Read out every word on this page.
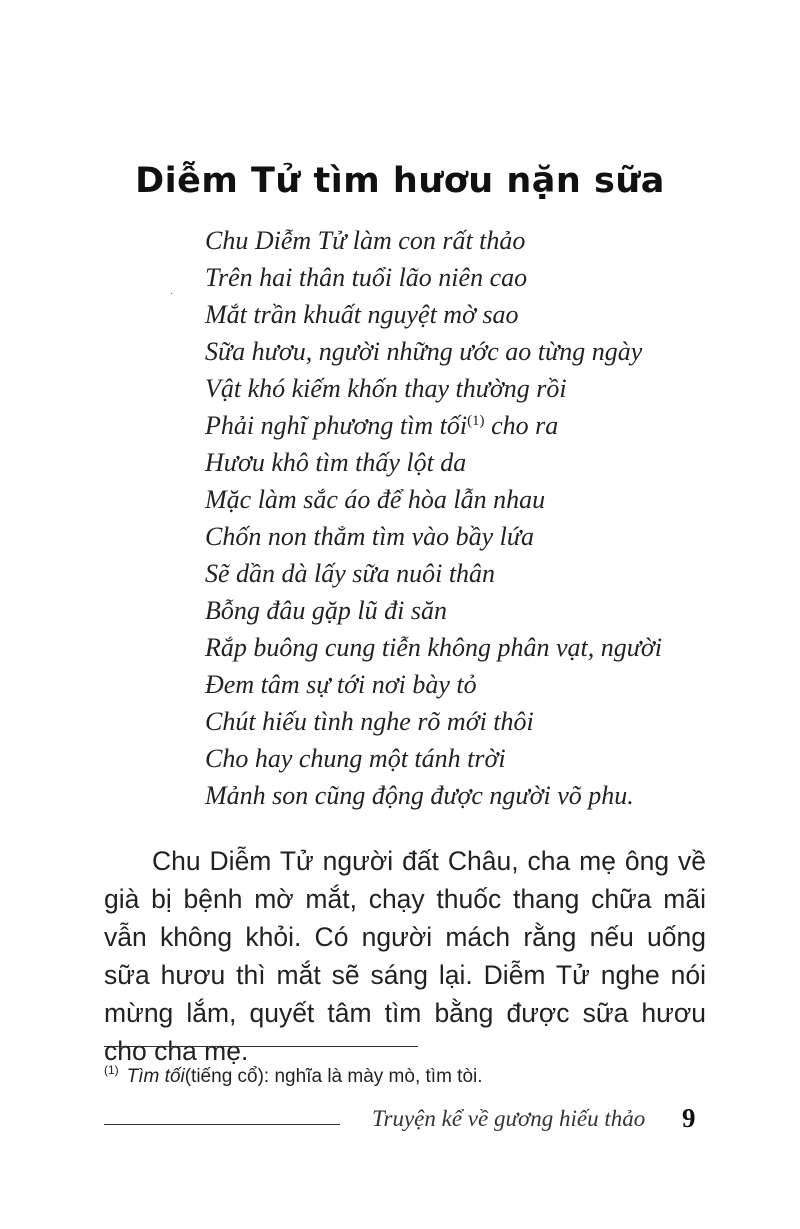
Diễm Tử tìm hươu nặn sữa
·
Chu Diễm Tử làm con rất thảo
Trên hai thân tuổi lão niên cao
Mắt trần khuất nguyệt mờ sao
Sữa hươu, người những ước ao từng ngày
Vật khó kiếm khốn thay thường rồi
Phải nghĩ phương tìm tối$^{(1)}$ cho ra
Hươu khô tìm thấy lột da
Mặc làm sắc áo để hòa lẫn nhau
Chốn non thẳm tìm vào bầy lứa
Sẽ dần dà lấy sữa nuôi thân
Bỗng đâu gặp lũ đi săn
Rắp buông cung tiễn không phân vạt, người
Đem tâm sự tới nơi bày tỏ
Chút hiếu tình nghe rõ mới thôi
Cho hay chung một tánh trời
Mảnh son cũng động được người võ phu.

Chu Diễm Tử người đất Châu, cha mẹ ông về già bị bệnh mờ mắt, chạy thuốc thang chữa mãi vẫn không khỏi. Có người mách rằng nếu uống sữa hươu thì mắt sẽ sáng lại. Diễm Tử nghe nói mừng lắm, quyết tâm tìm bằng được sữa hươu cho cha mẹ.

$^{(1)}$ Tìm tối(tiếng cổ): nghĩa là mày mò, tìm tòi.
Truyện kể về gương hiếu thảo 9
